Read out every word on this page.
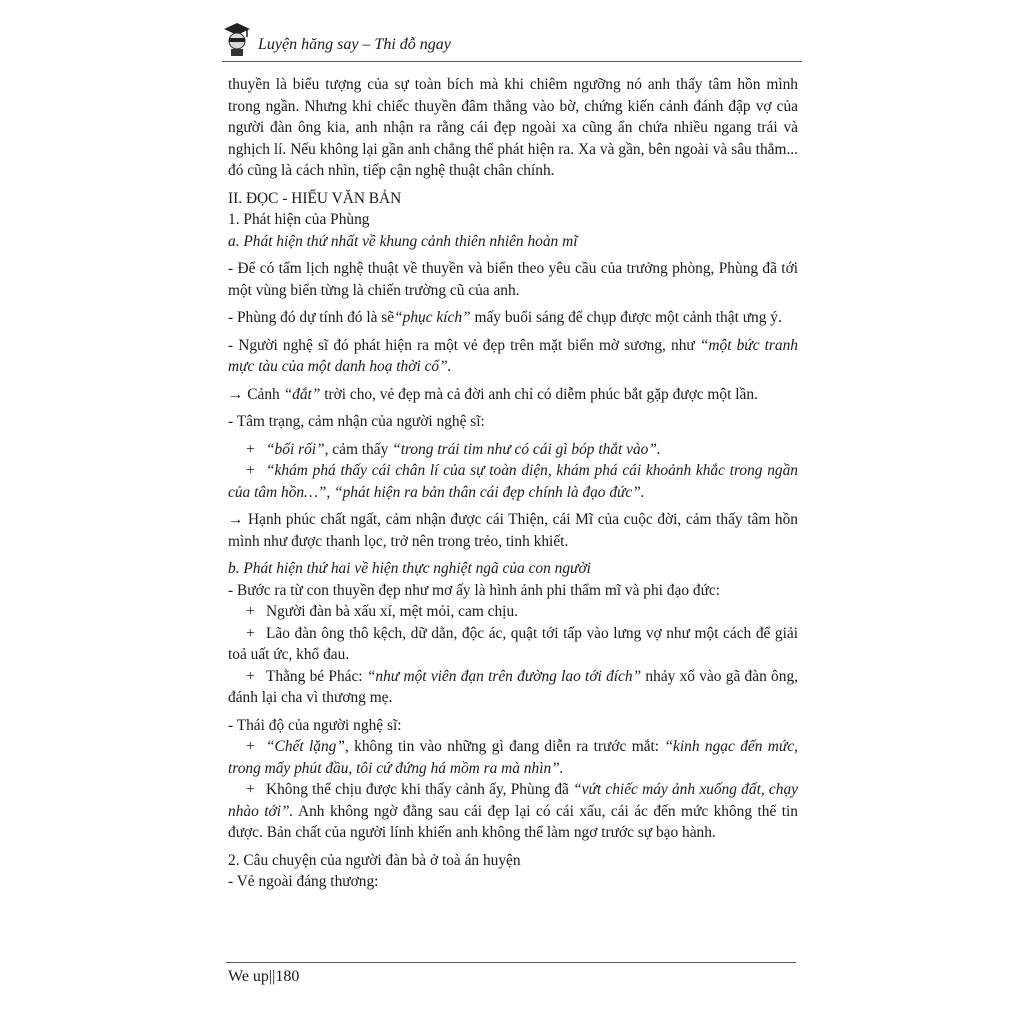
Luyện hăng say – Thi đỗ ngay

thuyền là biểu tượng của sự toàn bích mà khi chiêm ngưỡng nó anh thấy tâm hồn mình trong ngần. Nhưng khi chiếc thuyền đâm thẳng vào bờ, chứng kiến cảnh đánh đập vợ của người đàn ông kia, anh nhận ra rằng cái đẹp ngoài xa cũng ẩn chứa nhiều ngang trái và nghịch lí. Nếu không lại gần anh chẳng thể phát hiện ra. Xa và gần, bên ngoài và sâu thẳm... đó cũng là cách nhìn, tiếp cận nghệ thuật chân chính.

II. ĐỌC - HIỂU VĂN BẢN

1. Phát hiện của Phùng

a. Phát hiện thứ nhất về khung cảnh thiên nhiên hoàn mĩ

- Để có tấm lịch nghệ thuật về thuyền và biển theo yêu cầu của trưởng phòng, Phùng đã tới một vùng biển từng là chiến trường cũ của anh.

- Phùng đó dự tính đó là sẽ“phục kích” mấy buổi sáng để chụp được một cảnh thật ưng ý.

- Người nghệ sĩ đó phát hiện ra một vẻ đẹp trên mặt biển mờ sương, như “một bức tranh mực tàu của một danh hoạ thời cổ”.

→ Cảnh “đắt” trời cho, vẻ đẹp mà cả đời anh chỉ có diễm phúc bắt gặp được một lần.

- Tâm trạng, cảm nhận của người nghệ sĩ:

+ “bối rối”, cảm thấy “trong trái tim như có cái gì bóp thắt vào”.

+ “khám phá thấy cái chân lí của sự toàn diện, khám phá cái khoảnh khắc trong ngần của tâm hồn…”, “phát hiện ra bản thân cái đẹp chính là đạo đức”.

→ Hạnh phúc chất ngất, cảm nhận được cái Thiện, cái Mĩ của cuộc đời, cảm thấy tâm hồn mình như được thanh lọc, trở nên trong trẻo, tinh khiết.

b. Phát hiện thứ hai về hiện thực nghiệt ngã của con người

- Bước ra từ con thuyền đẹp như mơ ấy là hình ảnh phi thẩm mĩ và phi đạo đức:

+ Người đàn bà xấu xí, mệt mỏi, cam chịu.

+ Lão đàn ông thô kệch, dữ dằn, độc ác, quật tới tấp vào lưng vợ như một cách để giải toả uất ức, khổ đau.

+ Thằng bé Phác: “như một viên đạn trên đường lao tới đích” nhảy xổ vào gã đàn ông, đánh lại cha vì thương mẹ.

- Thái độ của người nghệ sĩ:

+ “Chết lặng”, không tin vào những gì đang diễn ra trước mắt: “kinh ngạc đến mức, trong mấy phút đầu, tôi cứ đứng há mồm ra mà nhìn”.

+ Không thể chịu được khi thấy cảnh ấy, Phùng đã “vứt chiếc máy ảnh xuống đất, chạy nhào tới”. Anh không ngờ đằng sau cái đẹp lại có cái xấu, cái ác đến mức không thể tin được. Bản chất của người lính khiến anh không thể làm ngơ trước sự bạo hành.

2. Câu chuyện của người đàn bà ở toà án huyện

- Vẻ ngoài đáng thương:

We up||180
